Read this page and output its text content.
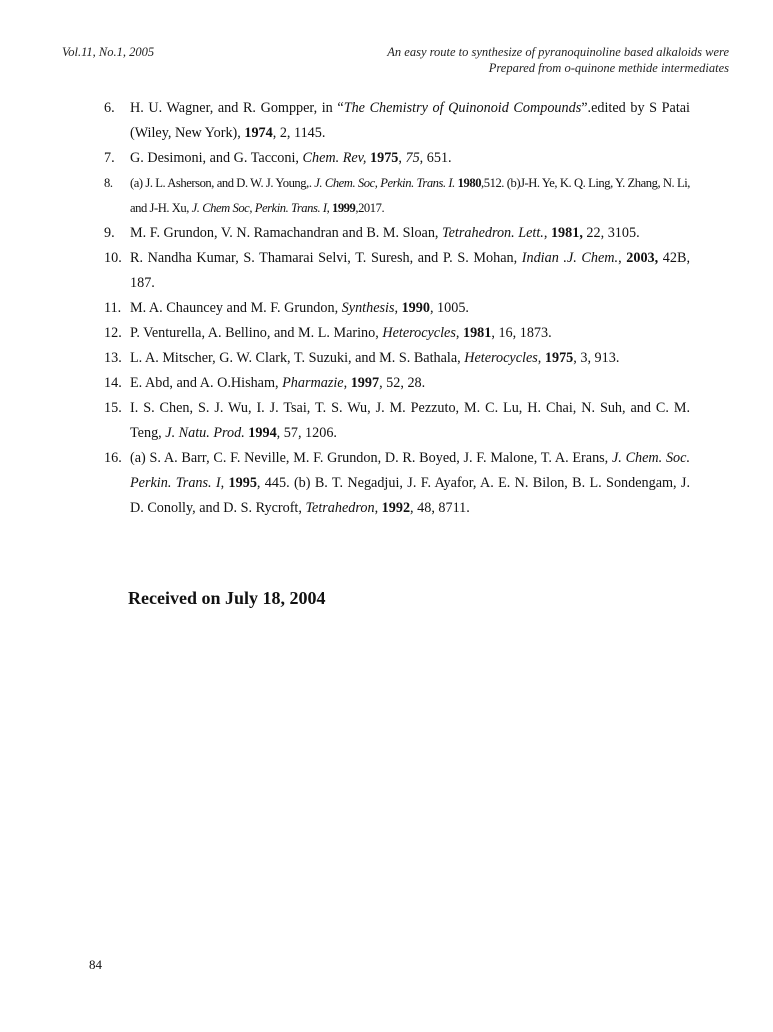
Vol.11, No.1, 2005	An easy route to synthesize of pyranoquinoline based alkaloids were
Prepared from o-quinone methide intermediates
6.	H. U. Wagner, and R. Gompper, in “The Chemistry of Quinonoid Compounds”.edited by S Patai (Wiley, New York), 1974, 2, 1145.
7.	G. Desimoni, and G. Tacconi, Chem. Rev, 1975, 75, 651.
8.	(a) J. L. Asherson, and D. W. J. Young,. J. Chem. Soc, Perkin. Trans. I. 1980,512. (b)J-H. Ye, K. Q. Ling, Y. Zhang, N. Li, and J-H. Xu, J. Chem Soc, Perkin. Trans. I, 1999,2017.
9.	M. F. Grundon, V. N. Ramachandran and B. M. Sloan, Tetrahedron. Lett., 1981, 22, 3105.
10. R. Nandha Kumar, S. Thamarai Selvi, T. Suresh, and P. S. Mohan, Indian .J. Chem., 2003, 42B, 187.
11. M. A. Chauncey and M. F. Grundon, Synthesis, 1990, 1005.
12. P. Venturella, A. Bellino, and M. L. Marino, Heterocycles, 1981, 16, 1873.
13. L. A. Mitscher, G. W. Clark, T. Suzuki, and M. S. Bathala, Heterocycles, 1975, 3, 913.
14. E. Abd, and A. O.Hisham, Pharmazie, 1997, 52, 28.
15. I. S. Chen, S. J. Wu, I. J. Tsai, T. S. Wu, J. M. Pezzuto, M. C. Lu, H. Chai, N. Suh, and C. M. Teng, J. Natu. Prod. 1994, 57, 1206.
16. (a) S. A. Barr, C. F. Neville, M. F. Grundon, D. R. Boyed, J. F. Malone, T. A. Erans, J. Chem. Soc. Perkin. Trans. I, 1995, 445. (b) B. T. Negadjui, J. F. Ayafor, A. E. N. Bilon, B. L. Sondengam, J. D. Conolly, and D. S. Rycroft, Tetrahedron, 1992, 48, 8711.
Received on July 18, 2004
84
